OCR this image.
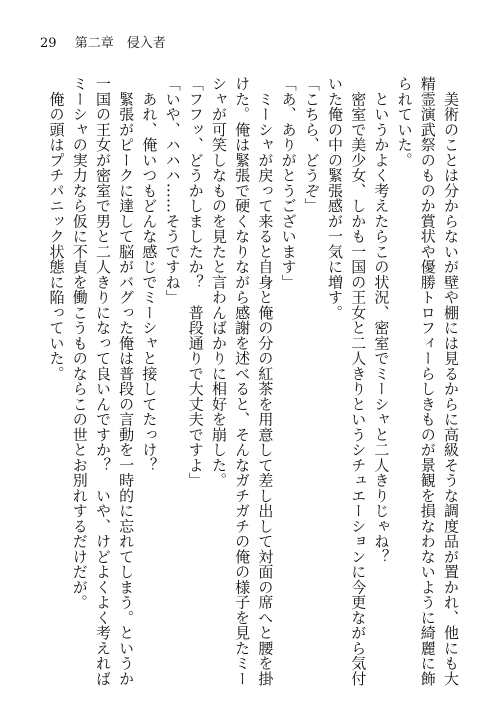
29 第二章　侵入者
　美術のことは分からないが壁や棚には見るからに高級そうな調度品が置かれ、他にも大
精霊演武祭のものか賞状や優勝トロフィーらしきものが景観を損なわないように綺麗に飾
られていた。
　というかよく考えたらこの状況、密室でミーシャと二人きりじゃね？
　密室で美少女、しかも一国の王女と二人きりというシチュエーションに今更ながら気付
いた俺の中の緊張感が一気に増す。
「こちら、どうぞ」
「あ、ありがとうございます」
　ミーシャが戻って来ると自身と俺の分の紅茶を用意して差し出して対面の席へと腰を掛
けた。俺は緊張で硬くなりながら感謝を述べると、そんなガチガチの俺の様子を見たミー
シャが可笑しなものを見たと言わんばかりに相好を崩した。
「フフッ、どうかしましたか？　普段通りで大丈夫ですよ」
「いや、ハハハ……そうですね」
　あれ、俺いつもどんな感じでミーシャと接してたっけ？
　緊張がピークに達して脳がバグった俺は普段の言動を一時的に忘れてしまう。というか
一国の王女が密室で男と二人きりになって良いんですか？　いや、けどよくよく考えれば
ミーシャの実力なら仮に不貞を働こうものならこの世とお別れするだけだが。
　俺の頭はプチパニック状態に陥っていた。
